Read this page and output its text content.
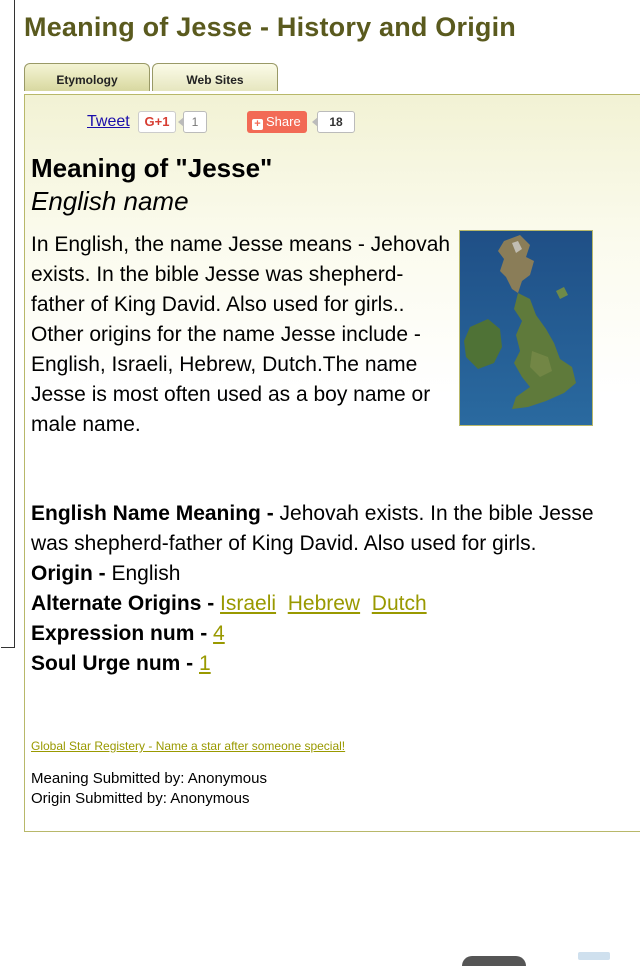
Meaning of Jesse - History and Origin
Etymology	Web Sites
Tweet	G+1	1	+ Share	18
Meaning of "Jesse"
English name

In English, the name Jesse means - Jehovah exists. In the bible Jesse was shepherd-father of King David. Also used for girls.. Other origins for the name Jesse include - English, Israeli, Hebrew, Dutch.The name Jesse is most often used as a boy name or male name.

English Name Meaning - Jehovah exists. In the bible Jesse was shepherd-father of King David. Also used for girls.

Origin - English

Alternate Origins - Israeli Hebrew Dutch

Expression num - 4

Soul Urge num - 1

Global Star Registery - Name a star after someone special!
Meaning Submitted by: Anonymous
Origin Submitted by: Anonymous
